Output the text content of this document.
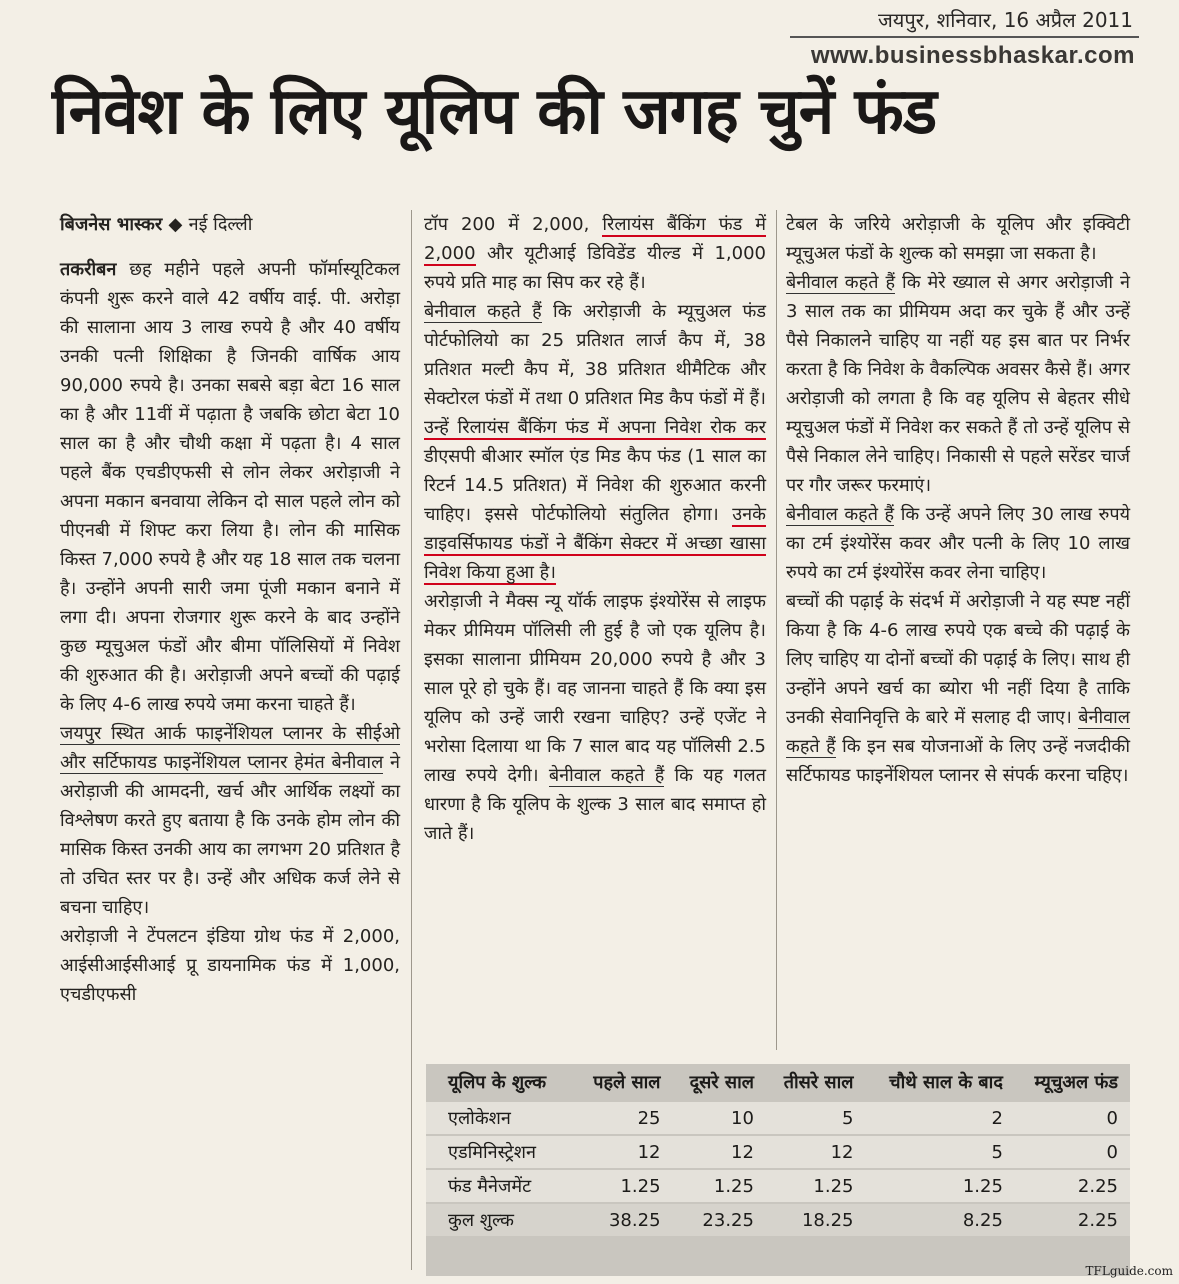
जयपुर, शनिवार, 16 अप्रैल 2011
www.businessbhaskar.com
निवेश के लिए यूलिप की जगह चुनें फंड
बिजनेस भास्कर ◆ नई दिल्ली

तकरीबन छह महीने पहले अपनी फॉर्मास्यूटिकल कंपनी शुरू करने वाले 42 वर्षीय वाई. पी. अरोड़ा की सालाना आय 3 लाख रुपये है और 40 वर्षीय उनकी पत्नी शिक्षिका है जिनकी वार्षिक आय 90,000 रुपये है। उनका सबसे बड़ा बेटा 16 साल का है और 11वीं में पढ़ाता है जबकि छोटा बेटा 10 साल का है और चौथी कक्षा में पढ़ता है। 4 साल पहले बैंक एचडीएफसी से लोन लेकर अरोड़ाजी ने अपना मकान बनवाया लेकिन दो साल पहले लोन को पीएनबी में शिफ्ट करा लिया है। लोन की मासिक किस्त 7,000 रुपये है और यह 18 साल तक चलना है। उन्होंने अपनी सारी जमा पूंजी मकान बनाने में लगा दी। अपना रोजगार शुरू करने के बाद उन्होंने कुछ म्यूचुअल फंडों और बीमा पॉलिसियों में निवेश की शुरुआत की है। अरोड़ाजी अपने बच्चों की पढ़ाई के लिए 4-6 लाख रुपये जमा करना चाहते हैं।

जयपुर स्थित आर्क फाइनेंशियल प्लानर के सीईओ और सर्टिफायड फाइनेंशियल प्लानर हेमंत बेनीवाल ने अरोड़ाजी की आमदनी, खर्च और आर्थिक लक्ष्यों का विश्लेषण करते हुए बताया है कि उनके होम लोन की मासिक किस्त उनकी आय का लगभग 20 प्रतिशत है तो उचित स्तर पर है। उन्हें और अधिक कर्ज लेने से बचना चाहिए।

अरोड़ाजी ने टेंपलटन इंडिया ग्रोथ फंड में 2,000, आईसीआईसीआई प्रू डायनामिक फंड में 1,000, एचडीएफसी

टॉप 200 में 2,000, रिलायंस बैंकिंग फंड में 2,000 और यूटीआई डिविडेंड यील्ड में 1,000 रुपये प्रति माह का सिप कर रहे हैं।

बेनीवाल कहते हैं कि अरोड़ाजी के म्यूचुअल फंड पोर्टफोलियो का 25 प्रतिशत लार्ज कैप में, 38 प्रतिशत मल्टी कैप में, 38 प्रतिशत थीमैटिक और सेक्टोरल फंडों में तथा 0 प्रतिशत मिड कैप फंडों में हैं। उन्हें रिलायंस बैंकिंग फंड में अपना निवेश रोक कर डीएसपी बीआर स्मॉल एंड मिड कैप फंड (1 साल का रिटर्न 14.5 प्रतिशत) में निवेश की शुरुआत करनी चाहिए। इससे पोर्टफोलियो संतुलित होगा। उनके डाइवर्सिफायड फंडों ने बैंकिंग सेक्टर में अच्छा खासा निवेश किया हुआ है।

अरोड़ाजी ने मैक्स न्यू यॉर्क लाइफ इंश्योरेंस से लाइफ मेकर प्रीमियम पॉलिसी ली हुई है जो एक यूलिप है। इसका सालाना प्रीमियम 20,000 रुपये है और 3 साल पूरे हो चुके हैं। वह जानना चाहते हैं कि क्या इस यूलिप को उन्हें जारी रखना चाहिए? उन्हें एजेंट ने भरोसा दिलाया था कि 7 साल बाद यह पॉलिसी 2.5 लाख रुपये देगी। बेनीवाल कहते हैं कि यह गलत धारणा है कि यूलिप के शुल्क 3 साल बाद समाप्त हो जाते हैं।

टेबल के जरिये अरोड़ाजी के यूलिप और इक्विटी म्यूचुअल फंडों के शुल्क को समझा जा सकता है।

बेनीवाल कहते हैं कि मेरे ख्याल से अगर अरोड़ाजी ने 3 साल तक का प्रीमियम अदा कर चुके हैं और उन्हें पैसे निकालने चाहिए या नहीं यह इस बात पर निर्भर करता है कि निवेश के वैकल्पिक अवसर कैसे हैं। अगर अरोड़ाजी को लगता है कि वह यूलिप से बेहतर सीधे म्यूचुअल फंडों में निवेश कर सकते हैं तो उन्हें यूलिप से पैसे निकाल लेने चाहिए। निकासी से पहले सरेंडर चार्ज पर गौर जरूर फरमाएं।

बेनीवाल कहते हैं कि उन्हें अपने लिए 30 लाख रुपये का टर्म इंश्योरेंस कवर और पत्नी के लिए 10 लाख रुपये का टर्म इंश्योरेंस कवर लेना चाहिए।

बच्चों की पढ़ाई के संदर्भ में अरोड़ाजी ने यह स्पष्ट नहीं किया है कि 4-6 लाख रुपये एक बच्चे की पढ़ाई के लिए चाहिए या दोनों बच्चों की पढ़ाई के लिए। साथ ही उन्होंने अपने खर्च का ब्योरा भी नहीं दिया है ताकि उनकी सेवानिवृत्ति के बारे में सलाह दी जाए। बेनीवाल कहते हैं कि इन सब योजनाओं के लिए उन्हें नजदीकी सर्टिफायड फाइनेंशियल प्लानर से संपर्क करना चहिए।

यूलिप के शुल्क	पहले साल	दूसरे साल	तीसरे साल	चौथे साल के बाद	म्यूचुअल फंड
एलोकेशन	25	10	5	2	0
एडमिनिस्ट्रेशन	12	12	12	5	0
फंड मैनेजमेंट	1.25	1.25	1.25	1.25	2.25
कुल शुल्क	38.25	23.25	18.25	8.25	2.25
TFLguide.com
